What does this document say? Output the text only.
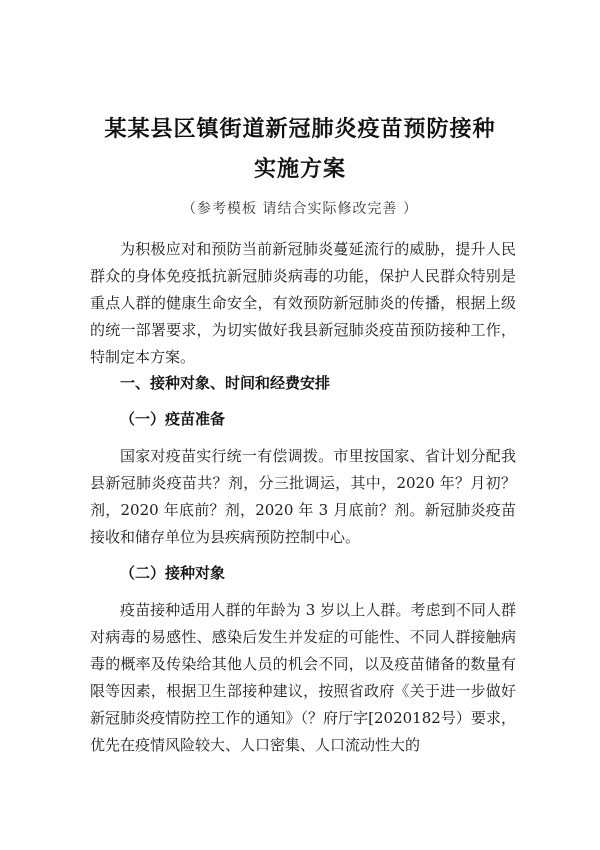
某某县区镇街道新冠肺炎疫苗预防接种
实施方案
（参考模板 请结合实际修改完善 ）

为积极应对和预防当前新冠肺炎蔓延流行的威胁，提升人民群众的身体免疫抵抗新冠肺炎病毒的功能，保护人民群众特别是重点人群的健康生命安全，有效预防新冠肺炎的传播，根据上级的统一部署要求，为切实做好我县新冠肺炎疫苗预防接种工作，特制定本方案。

一、接种对象、时间和经费安排
（一）疫苗准备

国家对疫苗实行统一有偿调拨。市里按国家、省计划分配我县新冠肺炎疫苗共？剂，分三批调运，其中，2020 年？月初？剂，2020 年底前？剂，2020 年 3 月底前？剂。新冠肺炎疫苗接收和储存单位为县疾病预防控制中心。

（二）接种对象

疫苗接种适用人群的年龄为 3 岁以上人群。考虑到不同人群对病毒的易感性、感染后发生并发症的可能性、不同人群接触病毒的概率及传染给其他人员的机会不同，以及疫苗储备的数量有限等因素，根据卫生部接种建议，按照省政府《关于进一步做好新冠肺炎疫情防控工作的通知》（？府厅字[2020182号）要求，优先在疫情风险较大、人口密集、人口流动性大的
